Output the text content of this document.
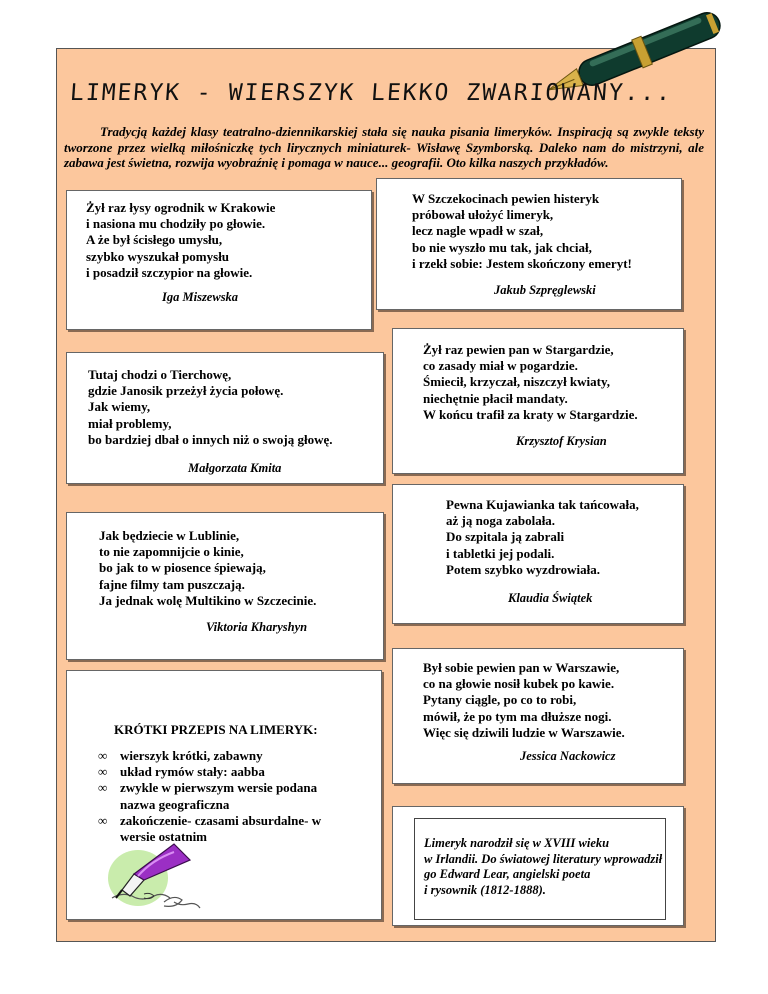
LIMERYK - WIERSZYK LEKKO ZWARIOWANY...

Tradycją każdej klasy teatralno-dziennikarskiej stała się nauka pisania limeryków. Inspiracją są zwykle teksty tworzone przez wielką miłośniczkę tych lirycznych miniaturek- Wisławę Szymborską. Daleko nam do mistrzyni, ale zabawa jest świetna, rozwija wyobraźnię i pomaga w nauce... geografii. Oto kilka naszych przykładów.

Żył raz łysy ogrodnik w Krakowie
i nasiona mu chodziły po głowie.
A że był ścisłego umysłu,
szybko wyszukał pomysłu
i posadził szczypior na głowie.

Iga Miszewska

W Szczekocinach pewien histeryk
próbował ułożyć limeryk,
lecz nagle wpadł w szał,
bo nie wyszło mu tak, jak chciał,
i rzekł sobie: Jestem skończony emeryt!

Jakub Szpręglewski

Tutaj chodzi o Tierchowę,
gdzie Janosik przeżył życia połowę.
Jak wiemy,
miał problemy,
bo bardziej dbał o innych niż o swoją głowę.

Małgorzata Kmita

Żył raz pewien pan w Stargardzie,
co zasady miał w pogardzie.
Śmiecił, krzyczał, niszczył kwiaty,
niechętnie płacił mandaty.
W końcu trafił za kraty w Stargardzie.

Krzysztof Krysian

Jak będziecie w Lublinie,
to nie zapomnijcie o kinie,
bo jak to w piosence śpiewają,
fajne filmy tam puszczają.
Ja jednak wolę Multikino w Szczecinie.

Viktoria Kharyshyn

Pewna Kujawianka tak tańcowała,
aż ją noga zabolała.
Do szpitala ją zabrali
i tabletki jej podali.
Potem szybko wyzdrowiała.

Klaudia Świątek

Był sobie pewien pan w Warszawie,
co na głowie nosił kubek po kawie.
Pytany ciągle, po co to robi,
mówił, że po tym ma dłuższe nogi.
Więc się dziwili ludzie w Warszawie.

Jessica Nackowicz

KRÓTKI PRZEPIS NA LIMERYK:

∞ wierszyk krótki, zabawny
∞ układ rymów stały: aabba
∞ zwykle w pierwszym wersie podana nazwa geograficzna
∞ zakończenie- czasami absurdalne- w wersie ostatnim	Limeryk narodził się w XVIII wieku
w Irlandii. Do światowej literatury wprowadził go Edward Lear, angielski poeta
i rysownik (1812-1888).
